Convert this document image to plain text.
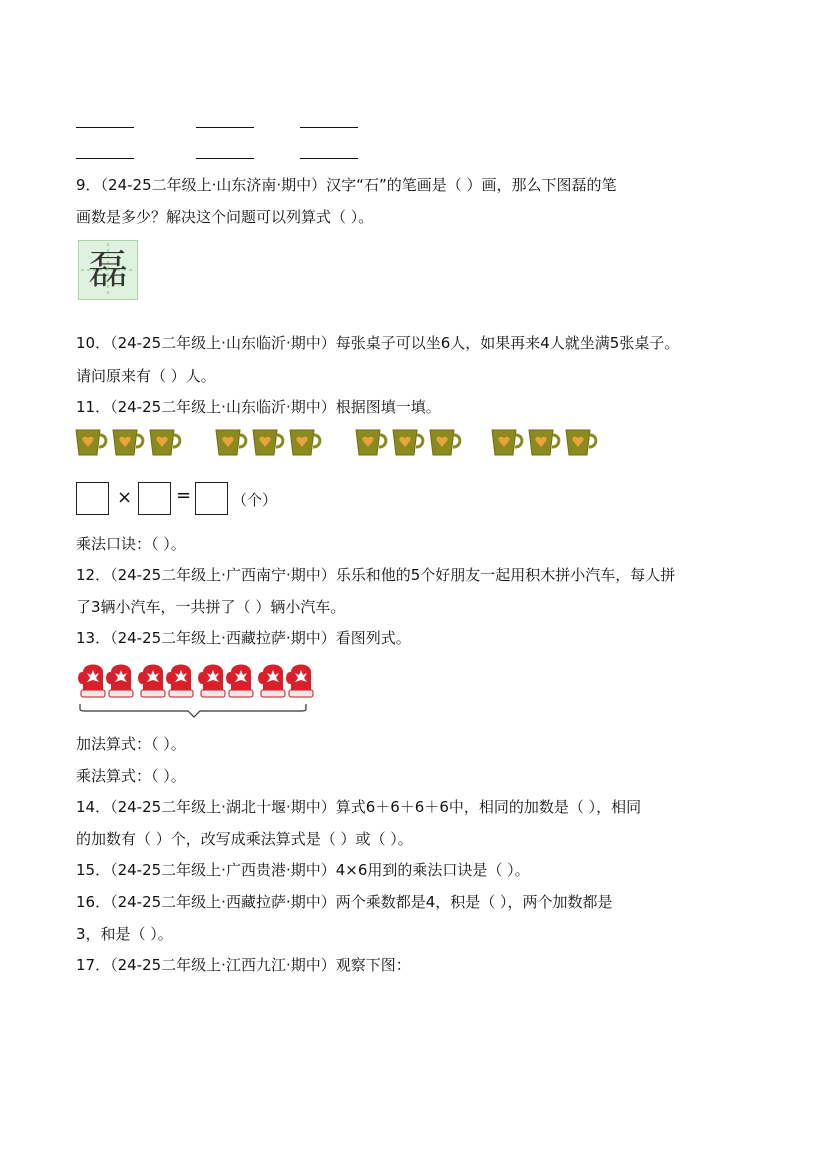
9．（24-25二年级上·山东济南·期中）汉字“石”的笔画是（ ）画，那么下图磊的笔
画数是多少？解决这个问题可以列算式（ ）。
磊
10．（24-25二年级上·山东临沂·期中）每张桌子可以坐6人，如果再来4人就坐满5张桌子。
请问原来有（ ）人。
11．（24-25二年级上·山东临沂·期中）根据图填一填。
× =	（个）
乘法口诀：（ ）。
12．（24-25二年级上·广西南宁·期中）乐乐和他的5个好朋友一起用积木拼小汽车，每人拼
了3辆小汽车，一共拼了（ ）辆小汽车。
13．（24-25二年级上·西藏拉萨·期中）看图列式。
加法算式：（ ）。
乘法算式：（ ）。
14．（24-25二年级上·湖北十堰·期中）算式6＋6＋6＋6中，相同的加数是（ ），相同
的加数有（ ）个，改写成乘法算式是（ ）或（ ）。
15．（24-25二年级上·广西贵港·期中）4×6用到的乘法口诀是（ ）。
16．（24-25二年级上·西藏拉萨·期中）两个乘数都是4，积是（ ），两个加数都是
3，和是（ ）。
17．（24-25二年级上·江西九江·期中）观察下图：
